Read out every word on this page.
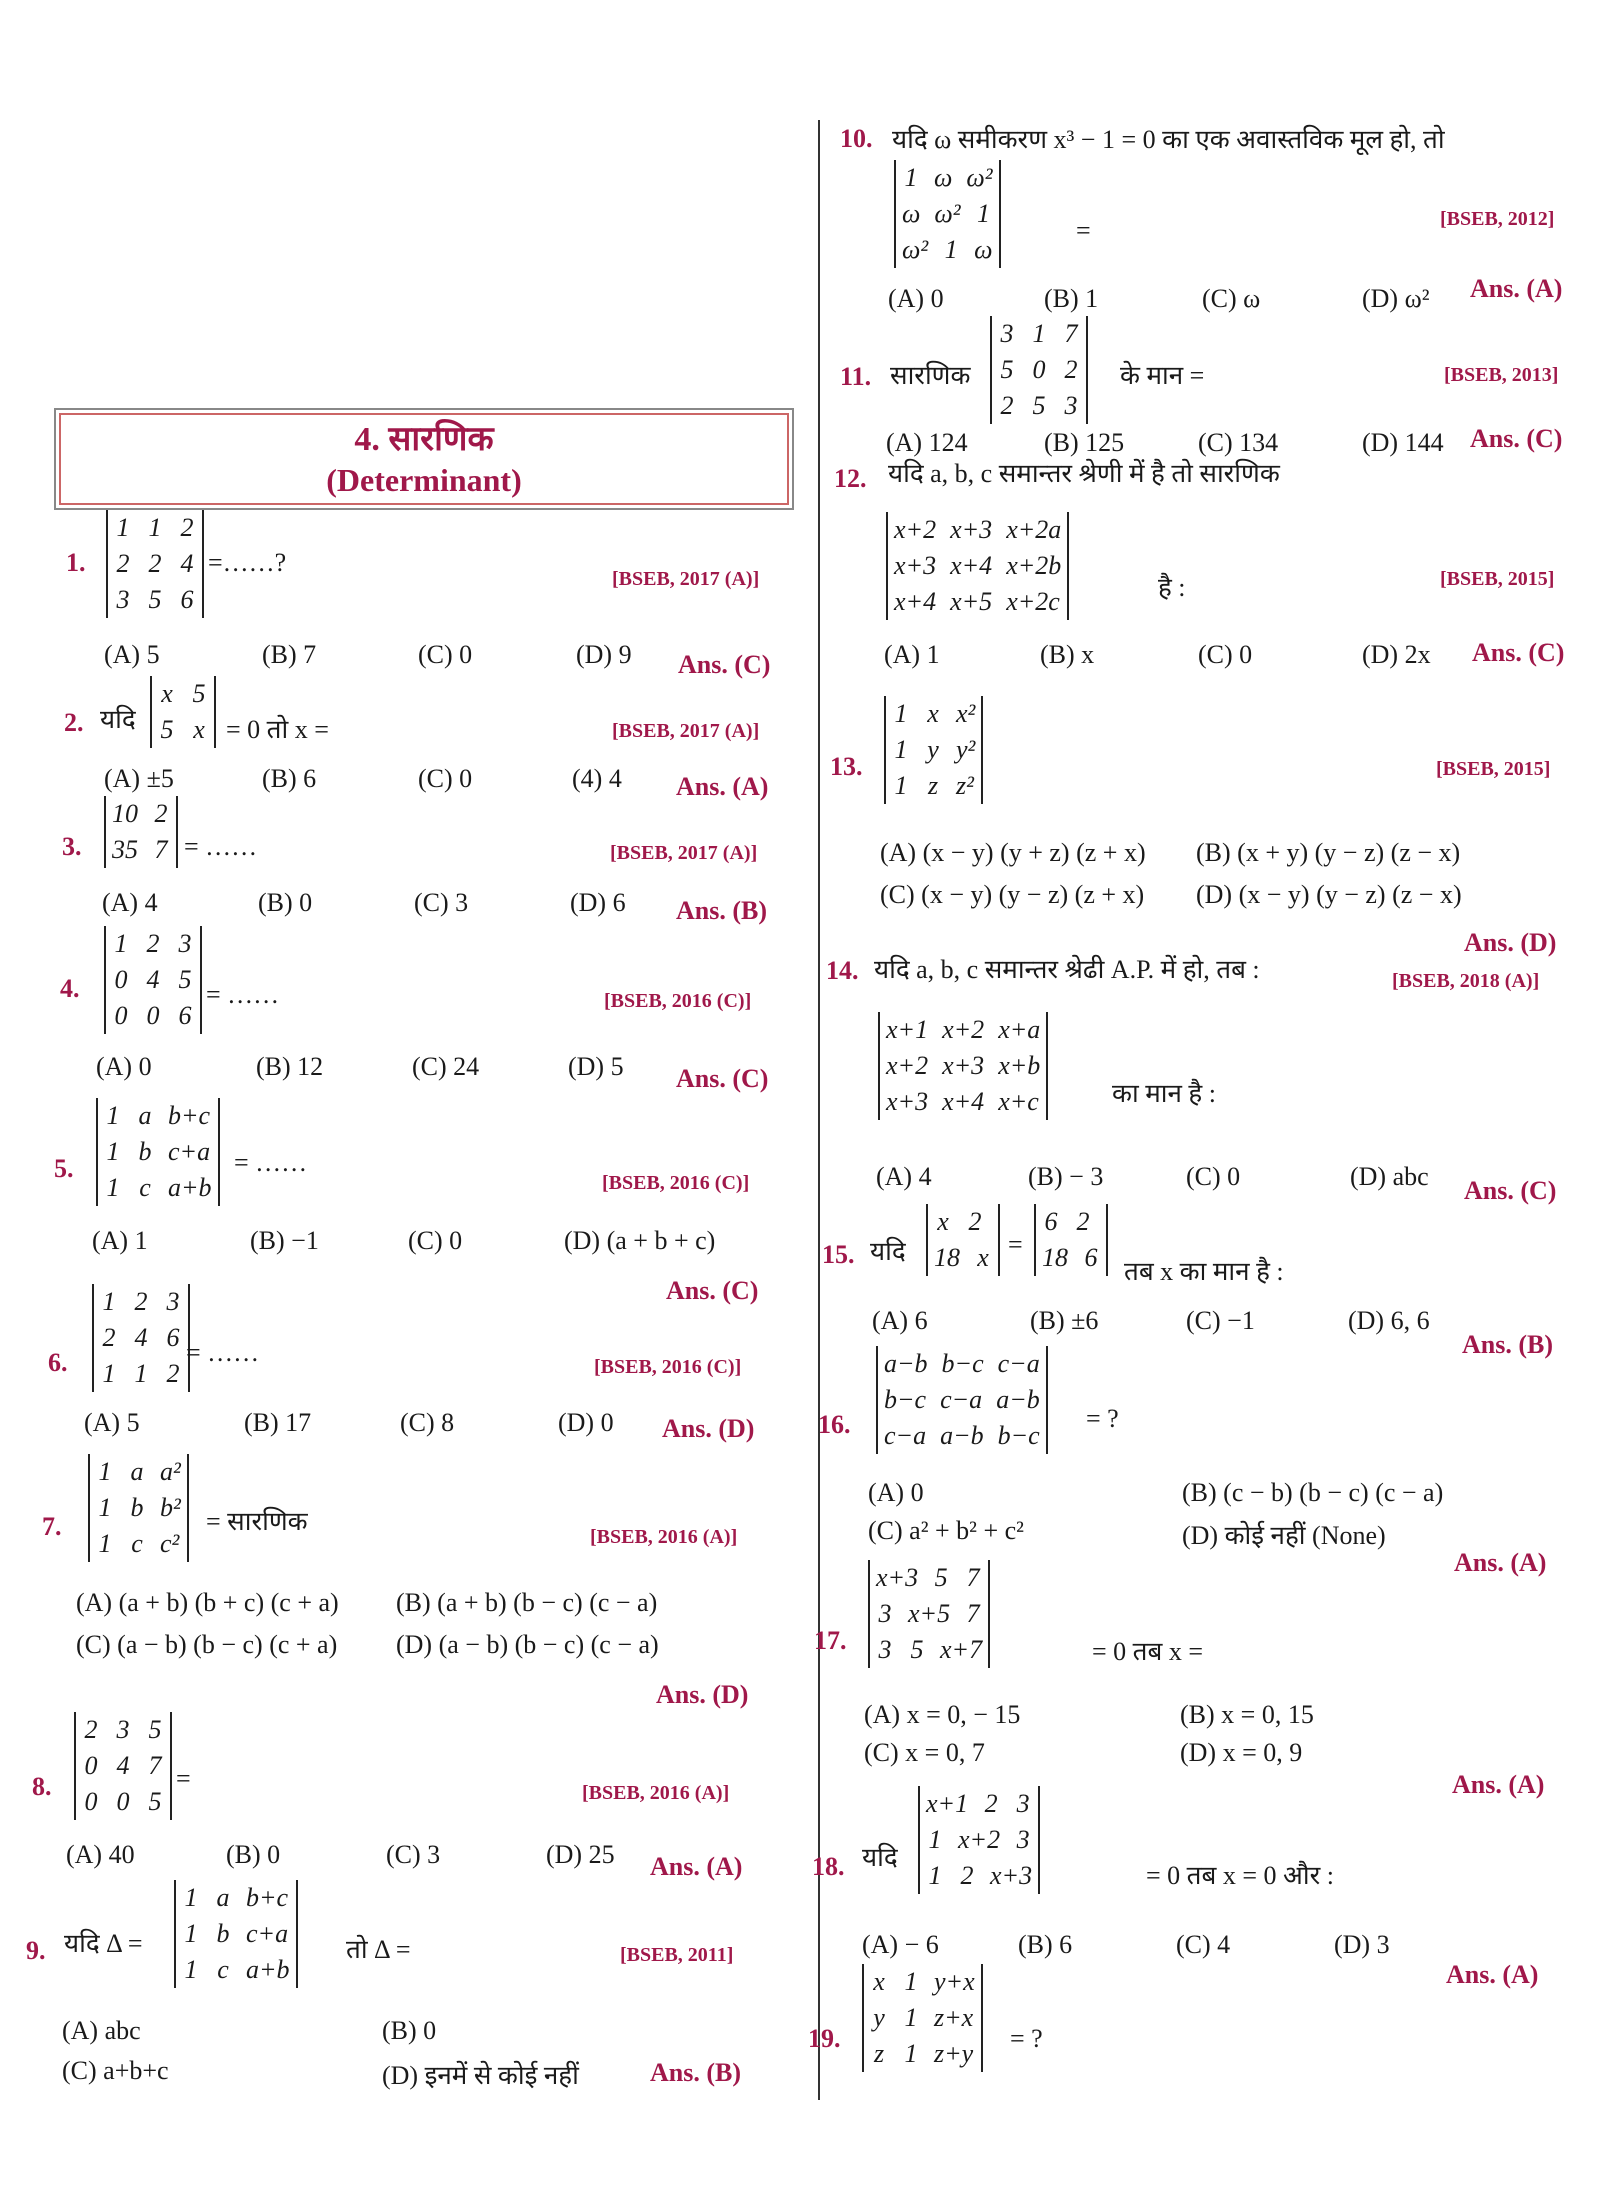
4. सारणिक
(Determinant)
1.
1 1 2
2 2 4
3 5 6
=……?
[BSEB, 2017 (A)]
(A) 5	(B) 7	(C) 0	(D) 9 Ans. (C)
2. यदि
x 5
5 x = 0 तो x =	[BSEB, 2017 (A)]
(A) ±5	(B) 6	(C) 0	(4) 4 Ans. (A)
3.
10 2
35 7 = ……	[BSEB, 2017 (A)]
(A) 4	(B) 0	(C) 3	(D) 6 Ans. (B)
4.
1 2 3
0 4 5
0 0 6
= ……	[BSEB, 2016 (C)]
(A) 0	(B) 12	(C) 24	(D) 5 Ans. (C)
5.
1 a b+c
1 b c+a
1 c a+b
= ……
[BSEB, 2016 (C)]
(A) 1	(B) −1	(C) 0	(D) (a + b + c)
Ans. (C)
6.
1 2 3
2 4 6
1 1 2
= ……	[BSEB, 2016 (C)]
(A) 5	(B) 17	(C) 8	(D) 0 Ans. (D)
7.
1 a a²
1 b b²
1 c c²
= सारणिक
[BSEB, 2016 (A)]
(A) (a + b) (b + c) (c + a) (B) (a + b) (b − c) (c − a)
(C) (a − b) (b − c) (c + a) (D) (a − b) (b − c) (c − a)
Ans. (D)
8.
2 3 5
0 4 7
0 0 5
=	[BSEB, 2016 (A)]
(A) 40	(B) 0	(C) 3	(D) 25 Ans. (A)
9. यदि Δ =
1 a b+c
1 b c+a
1 c a+b
तो Δ =	[BSEB, 2011]
(A) abc	(B) 0
(C) a+b+c	(D) इनमें से कोई नहीं	Ans. (B)
10. यदि ω समीकरण x³ − 1 = 0 का एक अवास्तविक मूल हो, तो
1 ω ω²
ω ω² 1
ω² 1 ω
=	[BSEB, 2012]
(A) 0	(B) 1	(C) ω	(D) ω² Ans. (A)
11. सारणिक
3 1 7
5 0 2
2 5 3
के मान =	[BSEB, 2013]
(A) 124	(B) 125	(C) 134	(D) 144 Ans. (C)
12. यदि a, b, c समान्तर श्रेणी में है तो सारणिक
x+2 x+3 x+2a
x+3 x+4 x+2b
x+4 x+5 x+2c	है :	[BSEB, 2015]
(A) 1	(B) x	(C) 0	(D) 2x Ans. (C)
13.
1 x x²
1 y y²
1 z z²
[BSEB, 2015]
(A) (x − y) (y + z) (z + x) (B) (x + y) (y − z) (z − x)
(C) (x − y) (y − z) (z + x) (D) (x − y) (y − z) (z − x)
Ans. (D)
14. यदि a, b, c समान्तर श्रेढी A.P. में हो, तब :
x+1 x+2 x+a
x+2 x+3 x+b
x+3 x+4 x+c	का मान है :
[BSEB, 2018 (A)]
(A) 4	(B) − 3	(C) 0	(D) abc Ans. (C)
15. यदि
x 2
18 x
6 2
18 6
=
तब x का मान है :
(A) 6	(B) ±6	(C) −1	(D) 6, 6
Ans. (B)
16.
a−b b−c c−a
b−c c−a a−b
c−a a−b b−c
= ?
(A) 0	(B) (c − b) (b − c) (c − a)
(C) a² + b² + c²	(D) कोई नहीं (None)
Ans. (A)
17.
x+3 5 7
3 x+5 7
3 5 x+7	= 0 तब x =
(A) x = 0, − 15	(B) x = 0, 15
(C) x = 0, 7	(D) x = 0, 9
Ans. (A)
18. यदि
x+1 2 3
1 x+2 3
1 2 x+3	= 0 तब x = 0 और :
(A) − 6	(B) 6	(C) 4	(D) 3
Ans. (A)
19.
x 1 y+x
y 1 z+x
z 1 z+y
= ?
